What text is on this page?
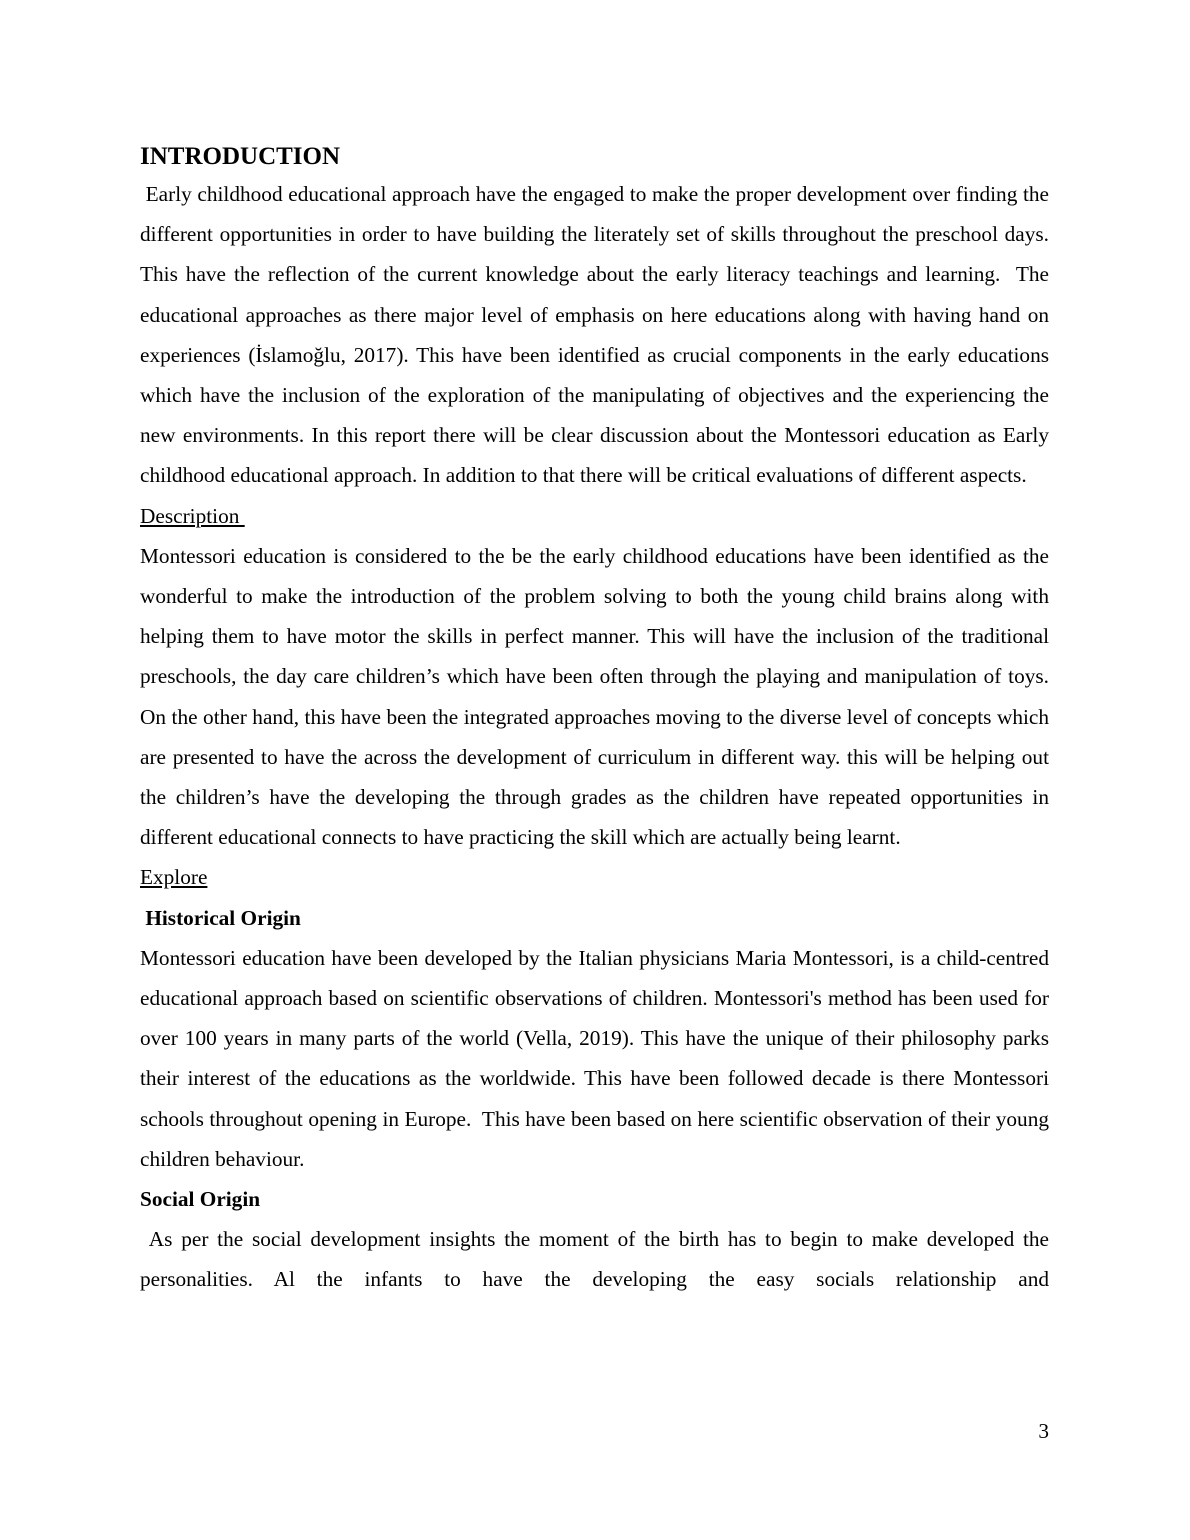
INTRODUCTION

Early childhood educational approach have the engaged to make the proper development over finding the different opportunities in order to have building the literately set of skills throughout the preschool days. This have the reflection of the current knowledge about the early literacy teachings and learning.  The educational approaches as there major level of emphasis on here educations along with having hand on experiences (İslamoğlu, 2017). This have been identified as crucial components in the early educations which have the inclusion of the exploration of the manipulating of objectives and the experiencing the new environments. In this report there will be clear discussion about the Montessori education as Early childhood educational approach. In addition to that there will be critical evaluations of different aspects.

Description

Montessori education is considered to the be the early childhood educations have been identified as the wonderful to make the introduction of the problem solving to both the young child brains along with helping them to have motor the skills in perfect manner. This will have the inclusion of the traditional preschools, the day care children’s which have been often through the playing and manipulation of toys. On the other hand, this have been the integrated approaches moving to the diverse level of concepts which are presented to have the across the development of curriculum in different way. this will be helping out the children’s have the developing the through grades as the children have repeated opportunities in different educational connects to have practicing the skill which are actually being learnt.

Explore

Historical Origin

Montessori education have been developed by the Italian physicians Maria Montessori, is a child-centred educational approach based on scientific observations of children. Montessori's method has been used for over 100 years in many parts of the world (Vella, 2019). This have the unique of their philosophy parks their interest of the educations as the worldwide. This have been followed decade is there Montessori schools throughout opening in Europe.  This have been based on here scientific observation of their young children behaviour.

Social Origin

As per the social development insights the moment of the birth has to begin to make developed the personalities. Al the infants to have the developing the easy socials relationship and

3
